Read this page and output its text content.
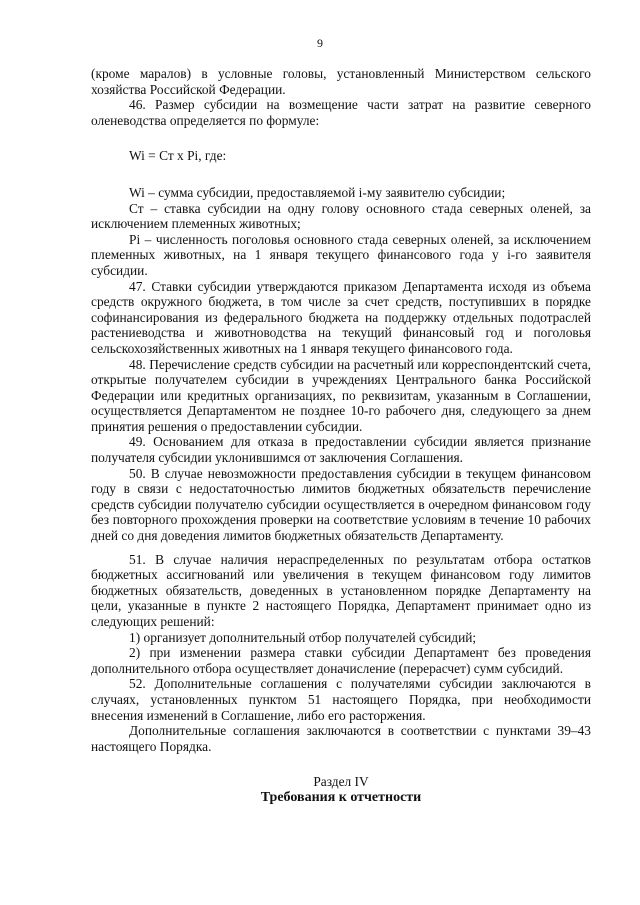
9

(кроме маралов) в условные головы, установленный Министерством сельского хозяйства Российской Федерации.

46. Размер субсидии на возмещение части затрат на развитие северного оленеводства определяется по формуле:

Wi = Ст х Pi, где:

Wi – сумма субсидии, предоставляемой i-му заявителю субсидии;

Ст – ставка субсидии на одну голову основного стада северных оленей, за исключением племенных животных;

Pi – численность поголовья основного стада северных оленей, за исключением племенных животных, на 1 января текущего финансового года у i-го заявителя субсидии.

47. Ставки субсидии утверждаются приказом Департамента исходя из объема средств окружного бюджета, в том числе за счет средств, поступивших в порядке софинансирования из федерального бюджета на поддержку отдельных подотраслей растениеводства и животноводства на текущий финансовый год и поголовья сельскохозяйственных животных на 1 января текущего финансового года.

48. Перечисление средств субсидии на расчетный или корреспондентский счета, открытые получателем субсидии в учреждениях Центрального банка Российской Федерации или кредитных организациях, по реквизитам, указанным в Соглашении, осуществляется Департаментом не позднее 10-го рабочего дня, следующего за днем принятия решения о предоставлении субсидии.

49. Основанием для отказа в предоставлении субсидии является признание получателя субсидии уклонившимся от заключения Соглашения.

50. В случае невозможности предоставления субсидии в текущем финансовом году в связи с недостаточностью лимитов бюджетных обязательств перечисление средств субсидии получателю субсидии осуществляется в очередном финансовом году без повторного прохождения проверки на соответствие условиям в течение 10 рабочих дней со дня доведения лимитов бюджетных обязательств Департаменту.

51. В случае наличия нераспределенных по результатам отбора остатков бюджетных ассигнований или увеличения в текущем финансовом году лимитов бюджетных обязательств, доведенных в установленном порядке Департаменту на цели, указанные в пункте 2 настоящего Порядка, Департамент принимает одно из следующих решений:

1) организует дополнительный отбор получателей субсидий;

2) при изменении размера ставки субсидии Департамент без проведения дополнительного отбора осуществляет доначисление (перерасчет) сумм субсидий.

52. Дополнительные соглашения с получателями субсидии заключаются в случаях, установленных пунктом 51 настоящего Порядка, при необходимости внесения изменений в Соглашение, либо его расторжения.

Дополнительные соглашения заключаются в соответствии с пунктами 39–43 настоящего Порядка.

Раздел IV

Требования к отчетности
